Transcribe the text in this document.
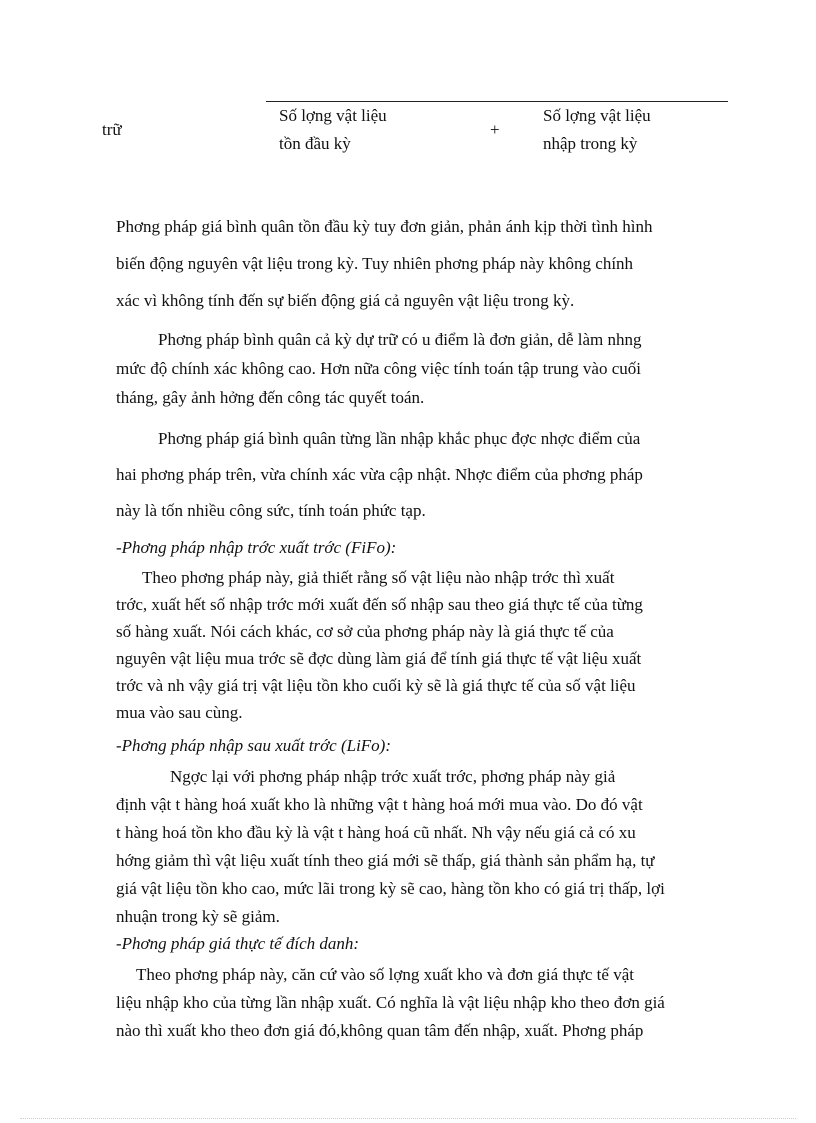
trữ
Số lợng vật liệu
tồn đầu kỳ
+
Số lợng vật liệu
nhập trong kỳ
Phơng pháp giá bình quân tồn đầu kỳ tuy đơn giản, phản ánh kịp thời tình hình
biến động nguyên vật liệu trong kỳ. Tuy nhiên phơng pháp này không chính
xác vì không tính đến sự biến động giá cả nguyên vật liệu trong kỳ.
Phơng pháp bình quân cả kỳ dự trữ có u điểm là đơn giản, dễ làm nhng
mức độ chính xác không cao. Hơn nữa công việc tính toán tập trung vào cuối
tháng, gây ảnh hởng đến công tác quyết toán.
Phơng pháp giá bình quân từng lần nhập khắc phục đợc nhợc điểm của
hai phơng pháp trên, vừa chính xác vừa cập nhật. Nhợc điểm của phơng pháp
này là tốn nhiều công sức, tính toán phức tạp.
-Phơng pháp nhập trớc xuất trớc (FiFo):
Theo phơng pháp này, giả thiết rằng số vật liệu nào nhập trớc thì xuất
trớc, xuất hết số nhập trớc mới xuất đến số nhập sau theo giá thực tế của từng
số hàng xuất. Nói cách khác, cơ sở của phơng pháp này là giá thực tế của
nguyên vật liệu mua trớc sẽ đợc dùng làm giá để tính giá thực tế vật liệu xuất
trớc và nh vậy giá trị vật liệu tồn kho cuối kỳ sẽ là giá thực tế của số vật liệu
mua vào sau cùng.
-Phơng pháp nhập sau xuất trớc (LiFo):
Ngợc lại với phơng pháp nhập trớc xuất trớc, phơng pháp này giả
định vật t hàng hoá xuất kho là những vật t hàng hoá mới mua vào. Do đó vật
t hàng hoá tồn kho đầu kỳ là vật t hàng hoá cũ nhất. Nh vậy nếu giá cả có xu
hớng giảm thì vật liệu xuất tính theo giá mới sẽ thấp, giá thành sản phẩm hạ, tự
giá vật liệu tồn kho cao, mức lãi trong kỳ sẽ cao, hàng tồn kho có giá trị thấp, lợi
nhuận trong kỳ sẽ giảm.
-Phơng pháp giá thực tế đích danh:
Theo phơng pháp này, căn cứ vào số lợng xuất kho và đơn giá thực tế vật
liệu nhập kho của từng lần nhập xuất. Có nghĩa là vật liệu nhập kho theo đơn giá
nào thì xuất kho theo đơn giá đó,không quan tâm đến nhập, xuất. Phơng pháp
